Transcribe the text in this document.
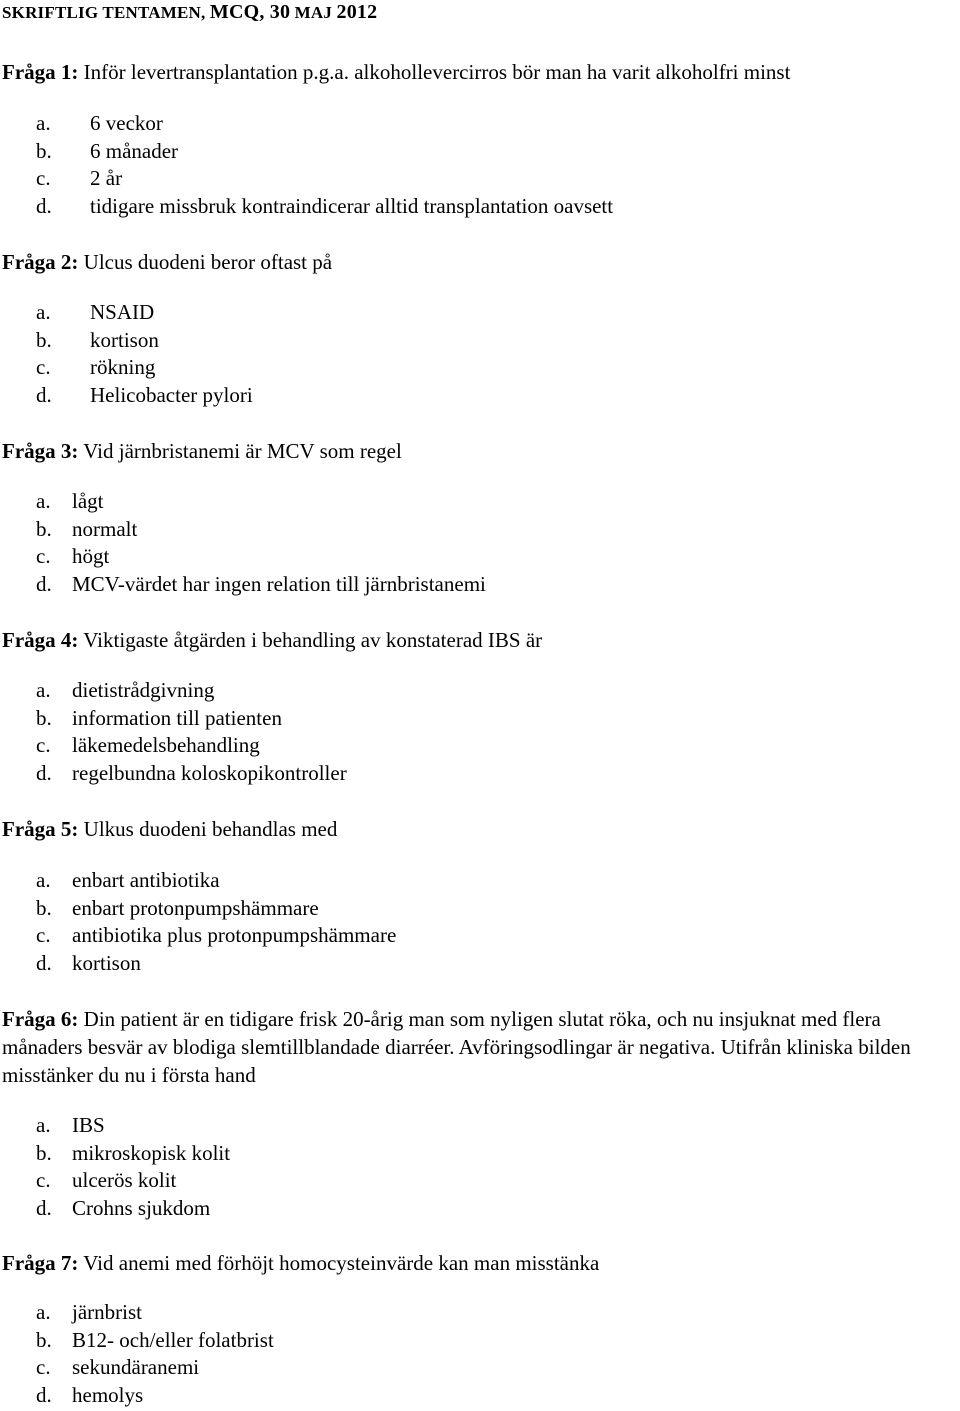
SKRIFTLIG TENTAMEN, MCQ, 30 MAJ 2012
Fråga 1: Inför levertransplantation p.g.a. alkohollevercirros bör man ha varit alkoholfri minst
a. 6 veckor
b. 6 månader
c. 2 år
d. tidigare missbruk kontraindicerar alltid transplantation oavsett
Fråga 2: Ulcus duodeni beror oftast på
a. NSAID
b. kortison
c. rökning
d. Helicobacter pylori
Fråga 3: Vid järnbristanemi är MCV som regel
a. lågt
b. normalt
c. högt
d. MCV-värdet har ingen relation till järnbristanemi
Fråga 4: Viktigaste åtgärden i behandling av konstaterad IBS är
a. dietistrådgivning
b. information till patienten
c. läkemedelsbehandling
d. regelbundna koloskopikontroller
Fråga 5: Ulkus duodeni behandlas med
a. enbart antibiotika
b. enbart protonpumpshämmare
c. antibiotika plus protonpumpshämmare
d. kortison
Fråga 6: Din patient är en tidigare frisk 20-årig man som nyligen slutat röka, och nu insjuknat med flera månaders besvär av blodiga slemtillblandade diarréer. Avföringsodlingar är negativa. Utifrån kliniska bilden misstänker du nu i första hand
a. IBS
b. mikroskopisk kolit
c. ulcerös kolit
d. Crohns sjukdom
Fråga 7: Vid anemi med förhöjt homocysteinvärde kan man misstänka
a. järnbrist
b. B12- och/eller folatbrist
c. sekundäranemi
d. hemolys
